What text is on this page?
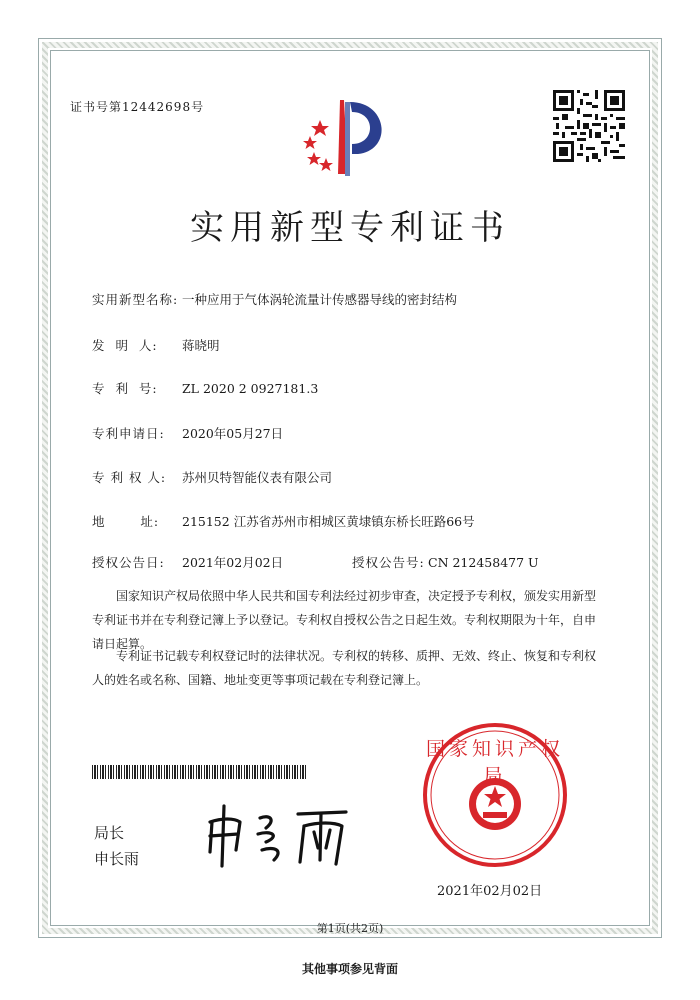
证书号第12442698号
实用新型专利证书
实用新型名称: 一种应用于气体涡轮流量计传感器导线的密封结构
发  明  人: 蒋晓明
专  利  号: ZL 2020 2 0927181.3
专利申请日: 2020年05月27日
专 利 权 人: 苏州贝特智能仪表有限公司
地       址: 215152 江苏省苏州市相城区黄埭镇东桥长旺路66号
授权公告日: 2021年02月02日	授权公告号: CN 212458477 U
国家知识产权局依照中华人民共和国专利法经过初步审查，决定授予专利权，颁发实用新型专利证书并在专利登记簿上予以登记。专利权自授权公告之日起生效。专利权期限为十年，自申请日起算。
专利证书记载专利权登记时的法律状况。专利权的转移、质押、无效、终止、恢复和专利权人的姓名或名称、国籍、地址变更等事项记载在专利登记簿上。
局长
申长雨
国家知识产权局
2021年02月02日
第1页(共2页)
其他事项参见背面
